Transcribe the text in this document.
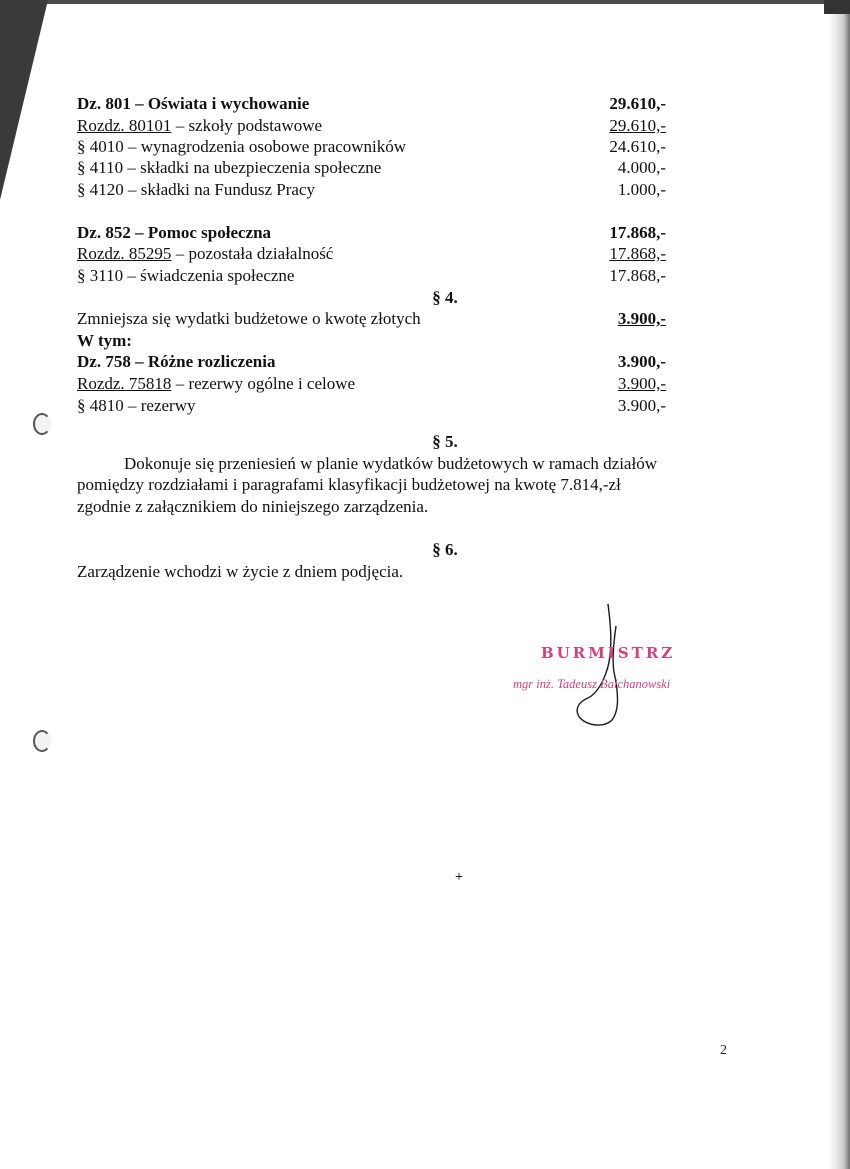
Dz. 801 – Oświata i wychowanie	29.610,-
Rozdz. 80101 – szkoły podstawowe	29.610,-
§ 4010 – wynagrodzenia osobowe pracowników	24.610,-
§ 4110 – składki na ubezpieczenia społeczne	4.000,-
§ 4120 – składki na Fundusz Pracy	1.000,-
Dz. 852 – Pomoc społeczna	17.868,-
Rozdz. 85295 – pozostała działalność	17.868,-
§ 3110 – świadczenia społeczne	17.868,-
§ 4.
Zmniejsza się wydatki budżetowe o kwotę złotych	3.900,-
W tym:
Dz. 758 – Różne rozliczenia	3.900,-
Rozdz. 75818 – rezerwy ogólne i celowe	3.900,-
§ 4810 – rezerwy	3.900,-
§ 5.
Dokonuje się przeniesień w planie wydatków budżetowych w ramach działów
pomiędzy rozdziałami i paragrafami klasyfikacji budżetowej na kwotę 7.814,-zł
zgodnie z załącznikiem do niniejszego zarządzenia.
§ 6.
Zarządzenie wchodzi w życie z dniem podjęcia.
BURMISTRZ
mgr inż. Tadeusz Balchanowski
+
2
